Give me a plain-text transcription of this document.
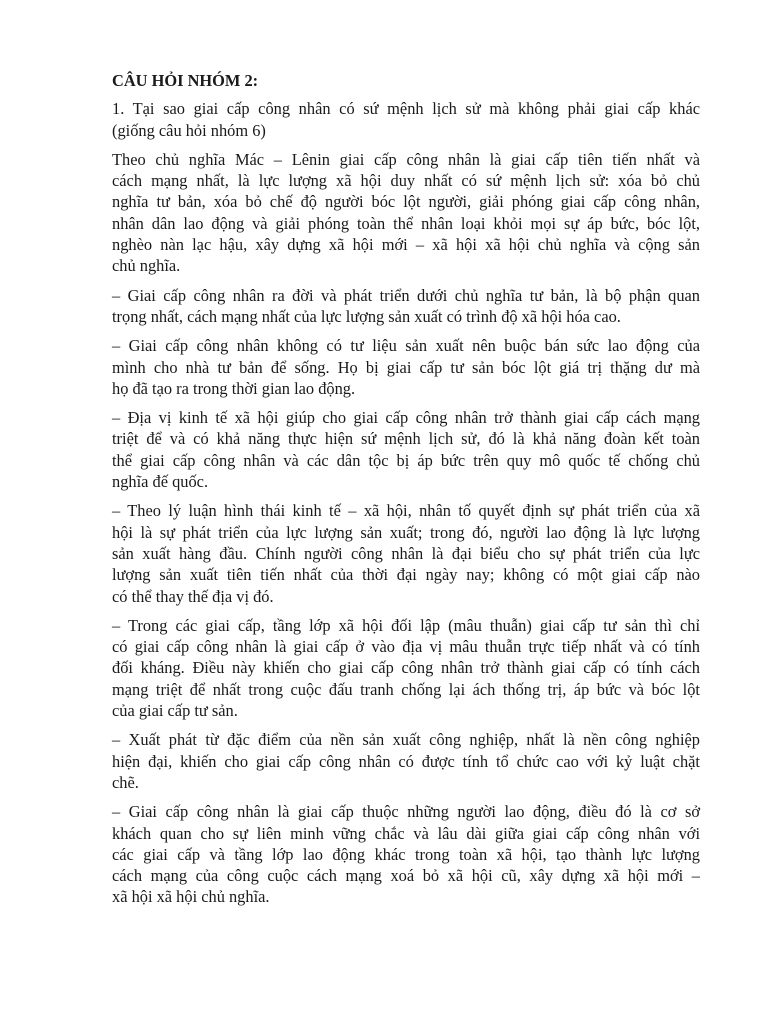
CÂU HỎI NHÓM 2:
1. Tại sao giai cấp công nhân có sứ mệnh lịch sử mà không phải giai cấp khác
(giống câu hỏi nhóm 6)
Theo chủ nghĩa Mác – Lênin giai cấp công nhân là giai cấp tiên tiến nhất và
cách mạng nhất, là lực lượng xã hội duy nhất có sứ mệnh lịch sử: xóa bỏ chủ
nghĩa tư bản, xóa bỏ chế độ người bóc lột người, giải phóng giai cấp công nhân,
nhân dân lao động và giải phóng toàn thể nhân loại khỏi mọi sự áp bức, bóc lột,
nghèo nàn lạc hậu, xây dựng xã hội mới – xã hội xã hội chủ nghĩa và cộng sản
chủ nghĩa.
– Giai cấp công nhân ra đời và phát triển dưới chủ nghĩa tư bản, là bộ phận quan
trọng nhất, cách mạng nhất của lực lượng sản xuất có trình độ xã hội hóa cao.
– Giai cấp công nhân không có tư liệu sản xuất nên buộc bán sức lao động của
mình cho nhà tư bản để sống. Họ bị giai cấp tư sản bóc lột giá trị thặng dư mà
họ đã tạo ra trong thời gian lao động.
– Địa vị kinh tế xã hội giúp cho giai cấp công nhân trở thành giai cấp cách mạng
triệt để và có khả năng thực hiện sứ mệnh lịch sử, đó là khả năng đoàn kết toàn
thể giai cấp công nhân và các dân tộc bị áp bức trên quy mô quốc tế chống chủ
nghĩa đế quốc.
– Theo lý luận hình thái kinh tế – xã hội, nhân tố quyết định sự phát triển của xã
hội là sự phát triển của lực lượng sản xuất; trong đó, người lao động là lực lượng
sản xuất hàng đầu. Chính người công nhân là đại biểu cho sự phát triển của lực
lượng sản xuất tiên tiến nhất của thời đại ngày nay; không có một giai cấp nào
có thể thay thế địa vị đó.
– Trong các giai cấp, tầng lớp xã hội đối lập (mâu thuẫn) giai cấp tư sản thì chỉ
có giai cấp công nhân là giai cấp ở vào địa vị mâu thuẫn trực tiếp nhất và có tính
đối kháng. Điều này khiến cho giai cấp công nhân trở thành giai cấp có tính cách
mạng triệt để nhất trong cuộc đấu tranh chống lại ách thống trị, áp bức và bóc lột
của giai cấp tư sản.
– Xuất phát từ đặc điểm của nền sản xuất công nghiệp, nhất là nền công nghiệp
hiện đại, khiến cho giai cấp công nhân có được tính tổ chức cao với kỷ luật chặt
chẽ.
– Giai cấp công nhân là giai cấp thuộc những người lao động, điều đó là cơ sở
khách quan cho sự liên minh vững chắc và lâu dài giữa giai cấp công nhân với
các giai cấp và tầng lớp lao động khác trong toàn xã hội, tạo thành lực lượng
cách mạng của công cuộc cách mạng xoá bỏ xã hội cũ, xây dựng xã hội mới –
xã hội xã hội chủ nghĩa.
